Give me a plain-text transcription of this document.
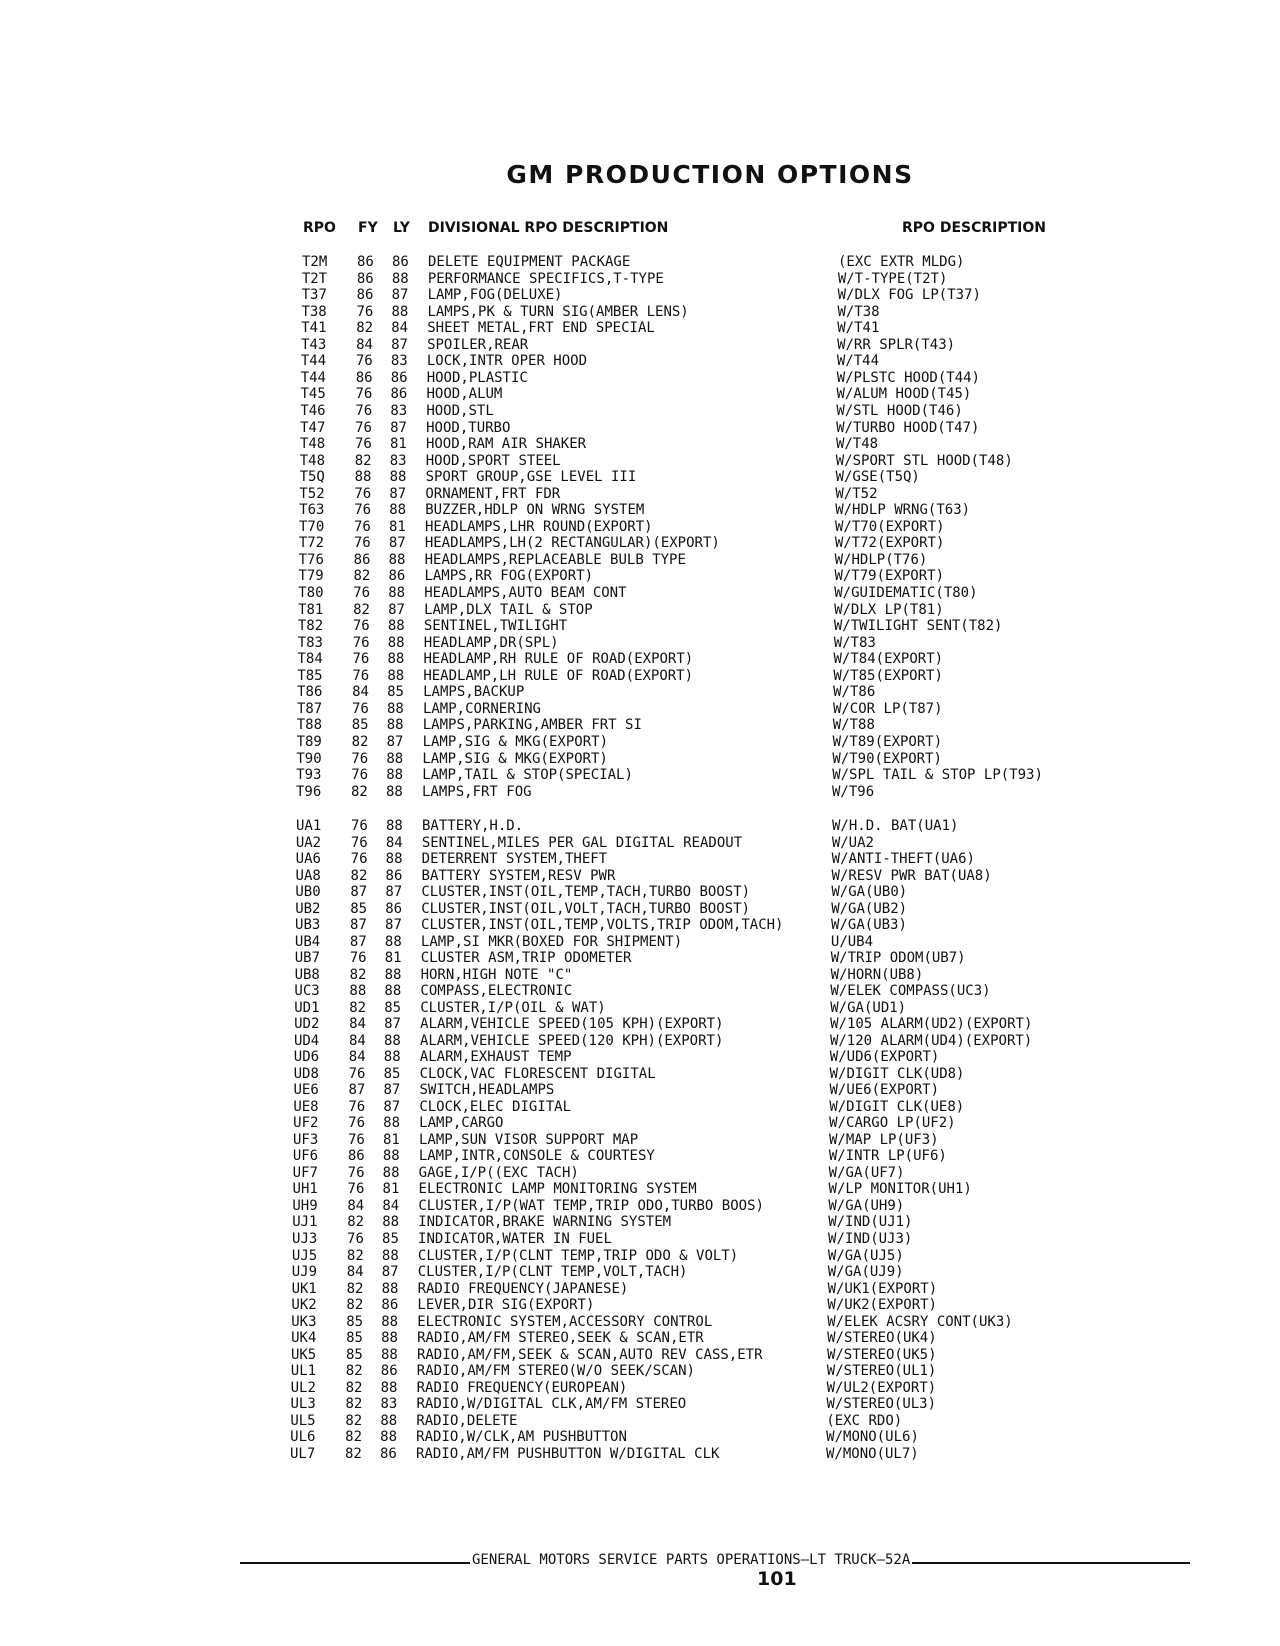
GM PRODUCTION OPTIONS
RPO FY LY DIVISIONAL RPO DESCRIPTION	RPO DESCRIPTION
T2M	86	86	DELETE EQUIPMENT PACKAGE	(EXC EXTR MLDG)
T2T	86	88	PERFORMANCE SPECIFICS,T-TYPE	W/T-TYPE(T2T)
T37	86	87	LAMP,FOG(DELUXE)	W/DLX FOG LP(T37)
T38	76	88	LAMPS,PK & TURN SIG(AMBER LENS)	W/T38
T41	82	84	SHEET METAL,FRT END SPECIAL	W/T41
T43	84	87	SPOILER,REAR	W/RR SPLR(T43)
T44	76	83	LOCK,INTR OPER HOOD	W/T44
T44	86	86	HOOD,PLASTIC	W/PLSTC HOOD(T44)
T45	76	86	HOOD,ALUM	W/ALUM HOOD(T45)
T46	76	83	HOOD,STL	W/STL HOOD(T46)
T47	76	87	HOOD,TURBO	W/TURBO HOOD(T47)
T48	76	81	HOOD,RAM AIR SHAKER	W/T48
T48	82	83	HOOD,SPORT STEEL	W/SPORT STL HOOD(T48)
T5Q	88	88	SPORT GROUP,GSE LEVEL III	W/GSE(T5Q)
T52	76	87	ORNAMENT,FRT FDR	W/T52
T63	76	88	BUZZER,HDLP ON WRNG SYSTEM	W/HDLP WRNG(T63)
T70	76	81	HEADLAMPS,LHR ROUND(EXPORT)	W/T70(EXPORT)
T72	76	87	HEADLAMPS,LH(2 RECTANGULAR)(EXPORT)	W/T72(EXPORT)
T76	86	88	HEADLAMPS,REPLACEABLE BULB TYPE	W/HDLP(T76)
T79	82	86	LAMPS,RR FOG(EXPORT)	W/T79(EXPORT)
T80	76	88	HEADLAMPS,AUTO BEAM CONT	W/GUIDEMATIC(T80)
T81	82	87	LAMP,DLX TAIL & STOP	W/DLX LP(T81)
T82	76	88	SENTINEL,TWILIGHT	W/TWILIGHT SENT(T82)
T83	76	88	HEADLAMP,DR(SPL)	W/T83
T84	76	88	HEADLAMP,RH RULE OF ROAD(EXPORT)	W/T84(EXPORT)
T85	76	88	HEADLAMP,LH RULE OF ROAD(EXPORT)	W/T85(EXPORT)
T86	84	85	LAMPS,BACKUP	W/T86
T87	76	88	LAMP,CORNERING	W/COR LP(T87)
T88	85	88	LAMPS,PARKING,AMBER FRT SI	W/T88
T89	82	87	LAMP,SIG & MKG(EXPORT)	W/T89(EXPORT)
T90	76	88	LAMP,SIG & MKG(EXPORT)	W/T90(EXPORT)
T93	76	88	LAMP,TAIL & STOP(SPECIAL)	W/SPL TAIL & STOP LP(T93)
T96	82	88	LAMPS,FRT FOG	W/T96
UA1	76	88	BATTERY,H.D.	W/H.D. BAT(UA1)
UA2	76	84	SENTINEL,MILES PER GAL DIGITAL READOUT	W/UA2
UA6	76	88	DETERRENT SYSTEM,THEFT	W/ANTI-THEFT(UA6)
UA8	82	86	BATTERY SYSTEM,RESV PWR	W/RESV PWR BAT(UA8)
UB0	87	87	CLUSTER,INST(OIL,TEMP,TACH,TURBO BOOST)	W/GA(UB0)
UB2	85	86	CLUSTER,INST(OIL,VOLT,TACH,TURBO BOOST)	W/GA(UB2)
UB3	87	87	CLUSTER,INST(OIL,TEMP,VOLTS,TRIP ODOM,TACH)	W/GA(UB3)
UB4	87	88	LAMP,SI MKR(BOXED FOR SHIPMENT)	U/UB4
UB7	76	81	CLUSTER ASM,TRIP ODOMETER	W/TRIP ODOM(UB7)
UB8	82	88	HORN,HIGH NOTE "C"	W/HORN(UB8)
UC3	88	88	COMPASS,ELECTRONIC	W/ELEK COMPASS(UC3)
UD1	82	85	CLUSTER,I/P(OIL & WAT)	W/GA(UD1)
UD2	84	87	ALARM,VEHICLE SPEED(105 KPH)(EXPORT)	W/105 ALARM(UD2)(EXPORT)
UD4	84	88	ALARM,VEHICLE SPEED(120 KPH)(EXPORT)	W/120 ALARM(UD4)(EXPORT)
UD6	84	88	ALARM,EXHAUST TEMP	W/UD6(EXPORT)
UD8	76	85	CLOCK,VAC FLORESCENT DIGITAL	W/DIGIT CLK(UD8)
UE6	87	87	SWITCH,HEADLAMPS	W/UE6(EXPORT)
UE8	76	87	CLOCK,ELEC DIGITAL	W/DIGIT CLK(UE8)
UF2	76	88	LAMP,CARGO	W/CARGO LP(UF2)
UF3	76	81	LAMP,SUN VISOR SUPPORT MAP	W/MAP LP(UF3)
UF6	86	88	LAMP,INTR,CONSOLE & COURTESY	W/INTR LP(UF6)
UF7	76	88	GAGE,I/P((EXC TACH)	W/GA(UF7)
UH1	76	81	ELECTRONIC LAMP MONITORING SYSTEM	W/LP MONITOR(UH1)
UH9	84	84	CLUSTER,I/P(WAT TEMP,TRIP ODO,TURBO BOOS)	W/GA(UH9)
UJ1	82	88	INDICATOR,BRAKE WARNING SYSTEM	W/IND(UJ1)
UJ3	76	85	INDICATOR,WATER IN FUEL	W/IND(UJ3)
UJ5	82	88	CLUSTER,I/P(CLNT TEMP,TRIP ODO & VOLT)	W/GA(UJ5)
UJ9	84	87	CLUSTER,I/P(CLNT TEMP,VOLT,TACH)	W/GA(UJ9)
UK1	82	88	RADIO FREQUENCY(JAPANESE)	W/UK1(EXPORT)
UK2	82	86	LEVER,DIR SIG(EXPORT)	W/UK2(EXPORT)
UK3	85	88	ELECTRONIC SYSTEM,ACCESSORY CONTROL	W/ELEK ACSRY CONT(UK3)
UK4	85	88	RADIO,AM/FM STEREO,SEEK & SCAN,ETR	W/STEREO(UK4)
UK5	85	88	RADIO,AM/FM,SEEK & SCAN,AUTO REV CASS,ETR	W/STEREO(UK5)
UL1	82	86	RADIO,AM/FM STEREO(W/O SEEK/SCAN)	W/STEREO(UL1)
UL2	82	88	RADIO FREQUENCY(EUROPEAN)	W/UL2(EXPORT)
UL3	82	83	RADIO,W/DIGITAL CLK,AM/FM STEREO	W/STEREO(UL3)
UL5	82	88	RADIO,DELETE	(EXC RDO)
UL6	82	88	RADIO,W/CLK,AM PUSHBUTTON	W/MONO(UL6)
UL7	82	86	RADIO,AM/FM PUSHBUTTON W/DIGITAL CLK	W/MONO(UL7)
GENERAL MOTORS SERVICE PARTS OPERATIONS—LT TRUCK—52A
101
